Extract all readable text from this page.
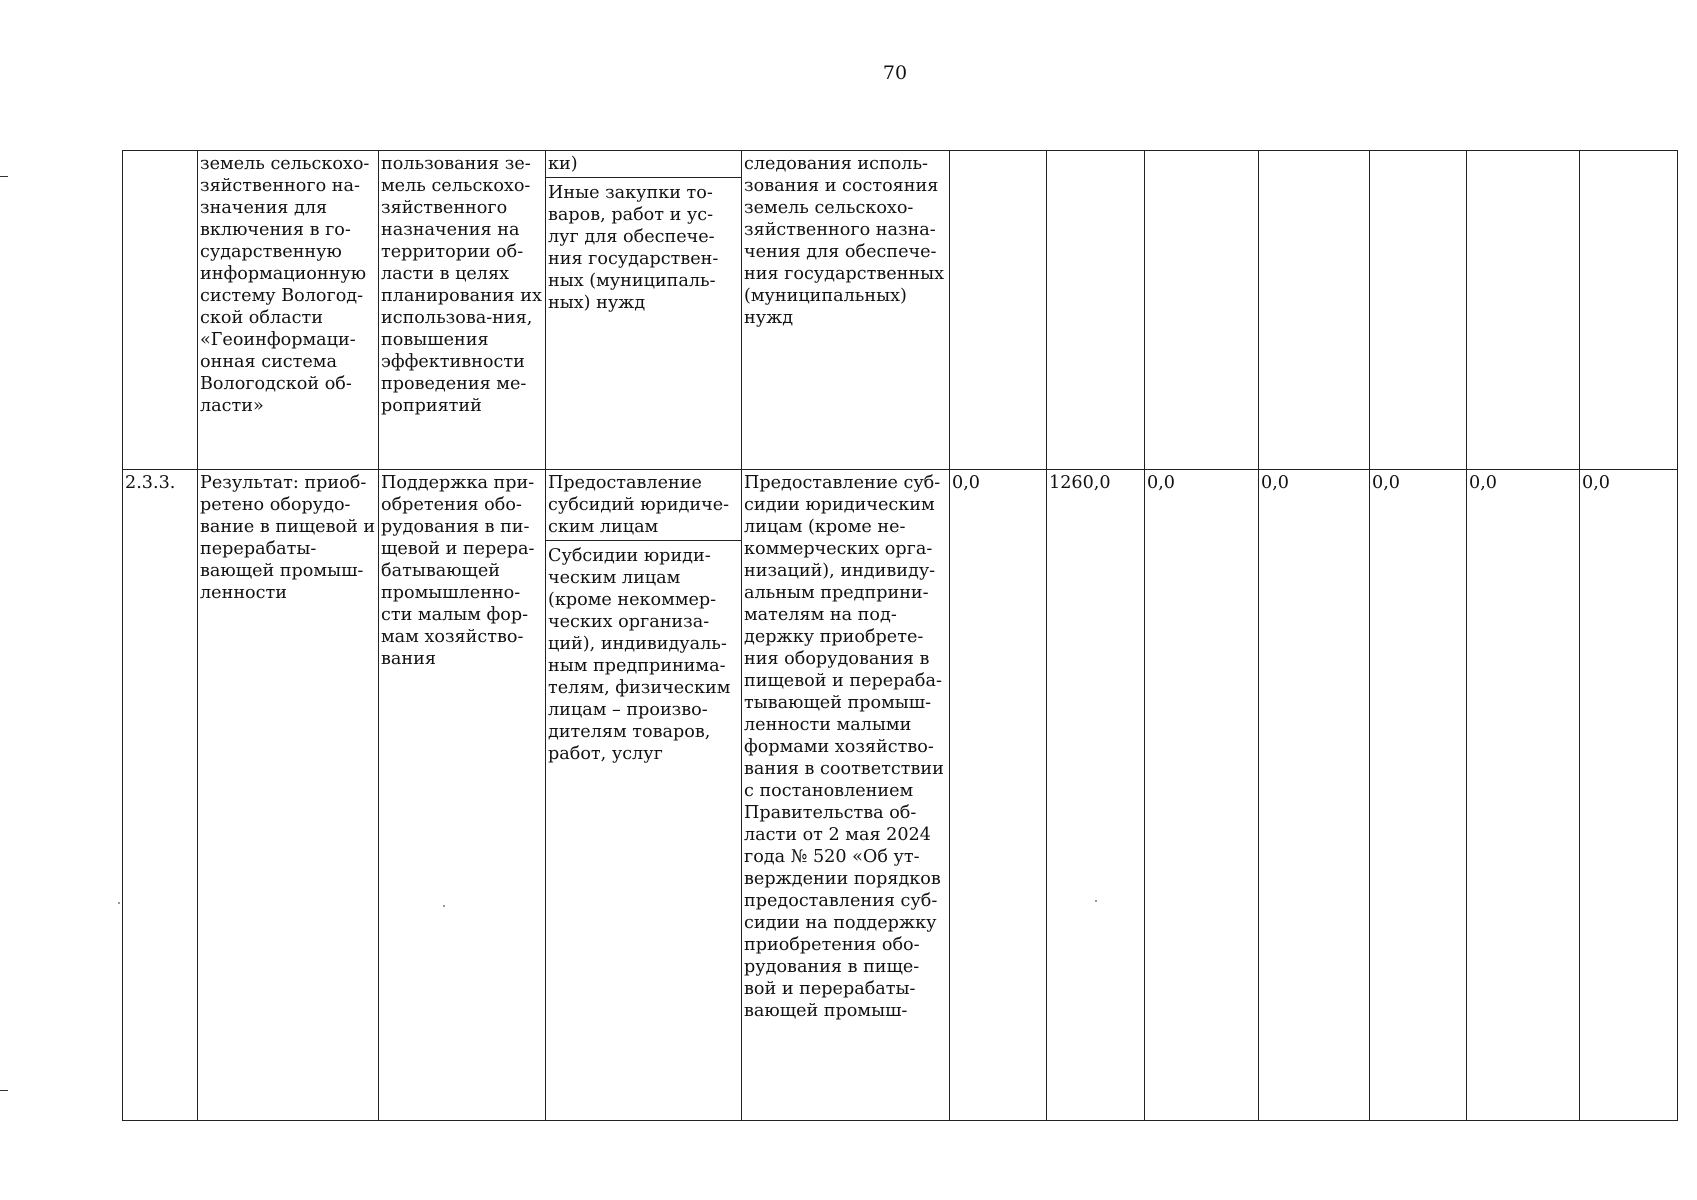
70
	земель сельскохо-зяйственного на-значения для включения в го-сударственную информационную систему Вологод-ской области «Геоинформаци-онная система Вологодской об-ласти»	пользования зе-мель сельскохо-зяйственного назначения на территории об-ласти в целях планирования их использова-ния, повышения эффективности проведения ме-роприятий	ки)
Иные закупки то-варов, работ и ус-луг для обеспече-ния государствен-ных (муниципаль-ных) нужд	следования исполь-зования и состояния земель сельскохо-зяйственного назна-чения для обеспече-ния государственных (муниципальных) нужд							
2.3.3.	Результат: приоб-ретено оборудо-вание в пищевой и перерабаты-вающей промыш-ленности	Поддержка при-обретения обо-рудования в пи-щевой и перера-батывающей промышленно-сти малым фор-мам хозяйство-вания	Предоставление субсидий юридиче-ским лицам
Субсидии юриди-ческим лицам (кроме некоммер-ческих организа-ций), индивидуаль-ным предпринима-телям, физическим лицам – произво-дителям товаров, работ, услуг	Предоставление суб-сидии юридическим лицам (кроме не-коммерческих орга-низаций), индивиду-альным предприни-мателям на под-держку приобрете-ния оборудования в пищевой и перераба-тывающей промыш-ленности малыми формами хозяйство-вания в соответствии с постановлением Правительства об-ласти от 2 мая 2024 года № 520 «Об ут-верждении порядков предоставления суб-сидии на поддержку приобретения обо-рудования в пище-вой и перерабаты-вающей промыш-	0,0	1260,0	0,0	0,0	0,0	0,0	0,0
